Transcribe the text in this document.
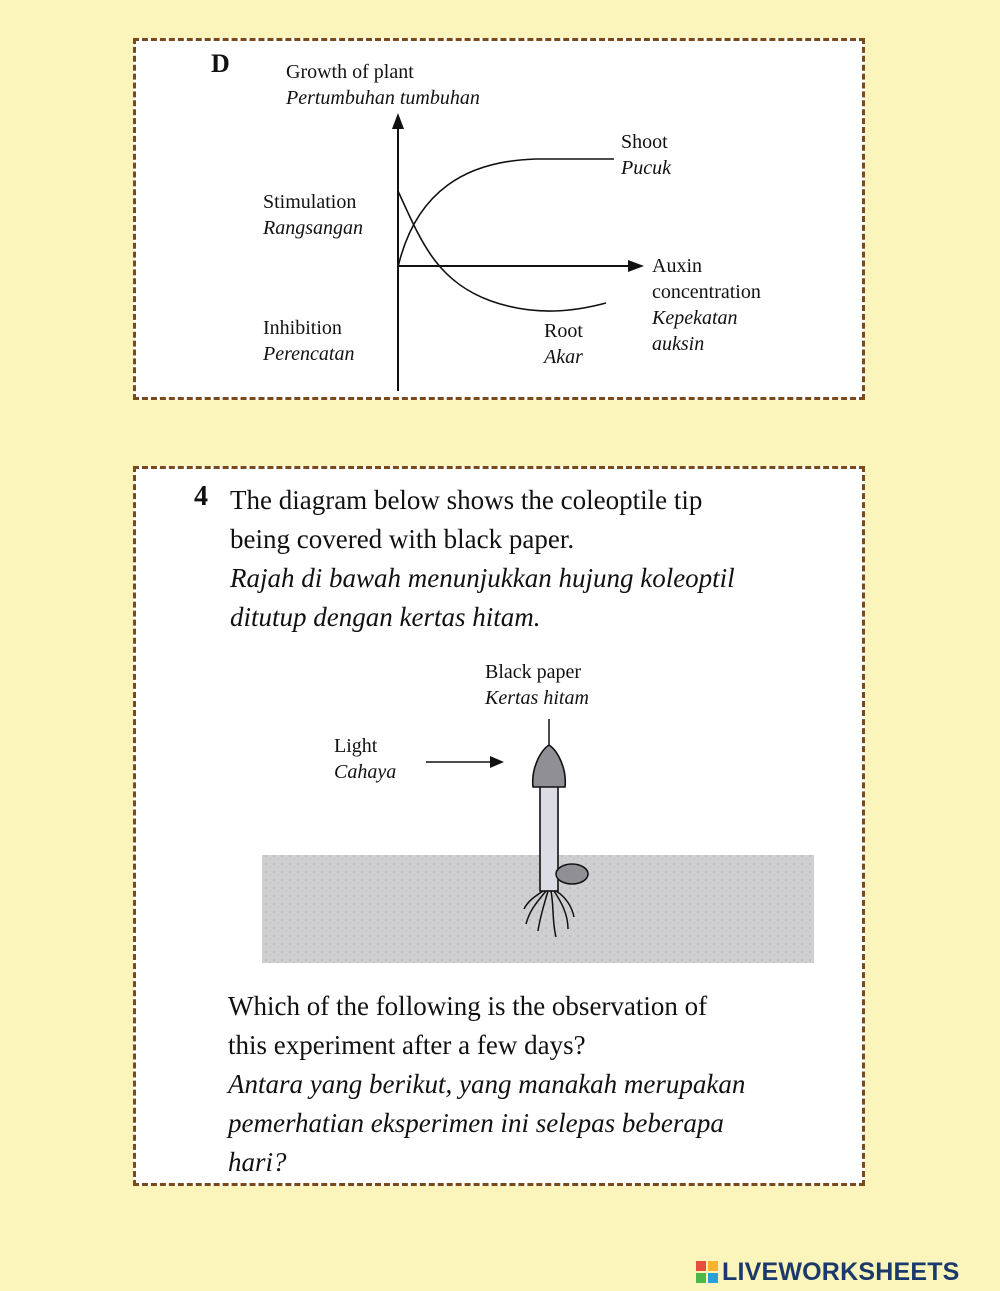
D	Growth of plant
Pertumbuhan tumbuhan
Stimulation
Rangsangan
Inhibition
Perencatan
Shoot
Pucuk
Root
Akar
Auxin
concentration
Kepekatan
auksin
4 The diagram below shows the coleoptile tip
being covered with black paper.
Rajah di bawah menunjukkan hujung koleoptil
ditutup dengan kertas hitam.
Black paper
Kertas hitam
Light
Cahaya
Which of the following is the observation of
this experiment after a few days?
Antara yang berikut, yang manakah merupakan
pemerhatian eksperimen ini selepas beberapa
hari?
LIVEWORKSHEETS
